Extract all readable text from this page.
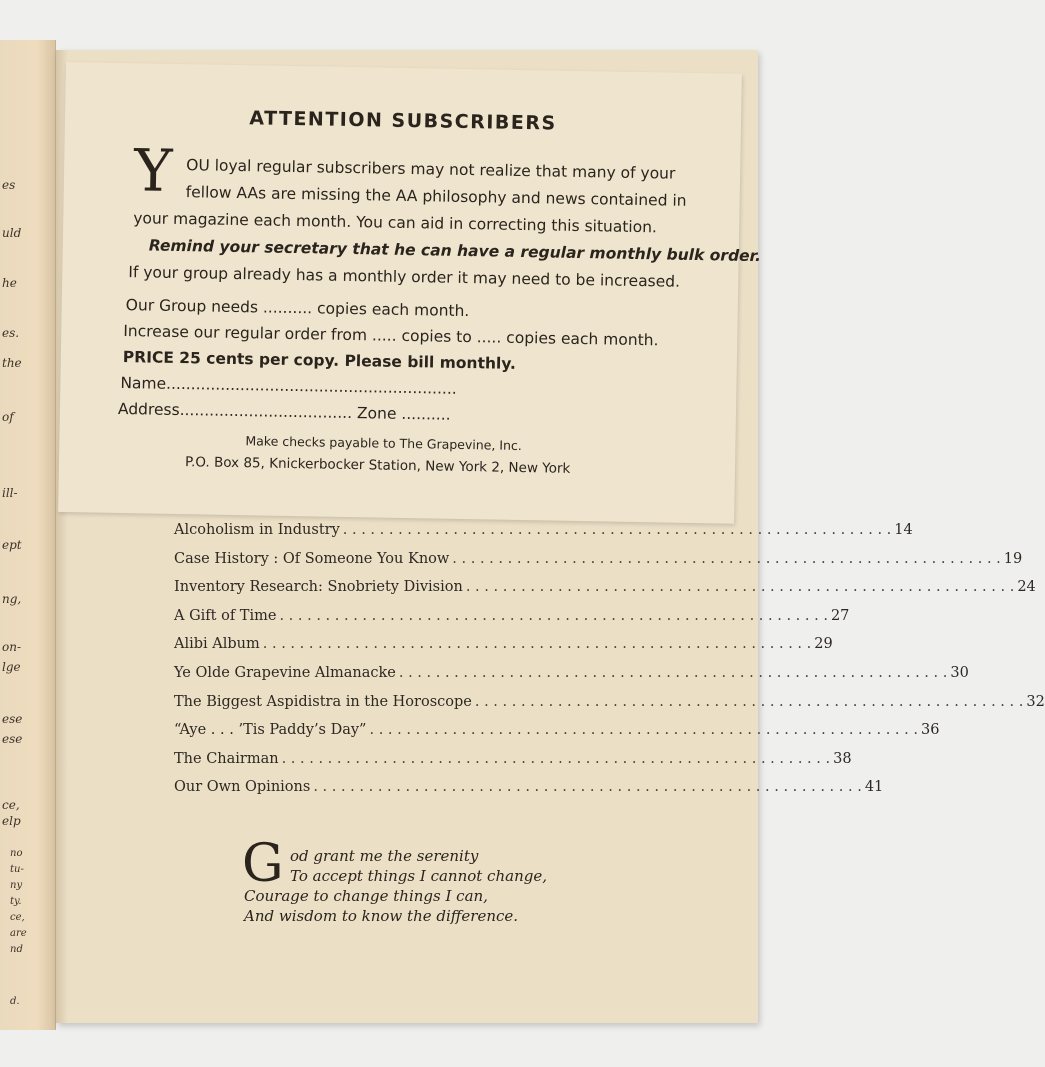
es
uld
he
es.
the
of
ill-
ept
ng,
on-
lge
ese
ese
ce,
elp
no
tu-
ny
ty.
ce,
are
nd
d.
Alcoholism in Industry . . . . . . . . . . . . . . . . . . . . . . . . . . . . . . . . . . . . . . . . . . . . . . . . . . . . . . . . . . . . 14
Case History : Of Someone You Know . . . . . . . . . . . . . . . . . . . . . . . . . . . . . . . . . . . . . . . . . . . . . . . . . . . . . . . . . . . . 19
Inventory Research: Snobriety Division . . . . . . . . . . . . . . . . . . . . . . . . . . . . . . . . . . . . . . . . . . . . . . . . . . . . . . . . . . . . 24
A Gift of Time . . . . . . . . . . . . . . . . . . . . . . . . . . . . . . . . . . . . . . . . . . . . . . . . . . . . . . . . . . . . 27
Alibi Album . . . . . . . . . . . . . . . . . . . . . . . . . . . . . . . . . . . . . . . . . . . . . . . . . . . . . . . . . . . . 29
Ye Olde Grapevine Almanacke . . . . . . . . . . . . . . . . . . . . . . . . . . . . . . . . . . . . . . . . . . . . . . . . . . . . . . . . . . . . 30
The Biggest Aspidistra in the Horoscope . . . . . . . . . . . . . . . . . . . . . . . . . . . . . . . . . . . . . . . . . . . . . . . . . . . . . . . . . . . . 32
“Aye . . . ’Tis Paddy’s Day” . . . . . . . . . . . . . . . . . . . . . . . . . . . . . . . . . . . . . . . . . . . . . . . . . . . . . . . . . . . . 36
The Chairman . . . . . . . . . . . . . . . . . . . . . . . . . . . . . . . . . . . . . . . . . . . . . . . . . . . . . . . . . . . . 38
Our Own Opinions . . . . . . . . . . . . . . . . . . . . . . . . . . . . . . . . . . . . . . . . . . . . . . . . . . . . . . . . . . . . 41
ATTENTION SUBSCRIBERS
Y OU loyal regular subscribers may not realize that many of your
fellow AAs are missing the AA philosophy and news contained in
your magazine each month. You can aid in correcting this situation.
Remind your secretary that he can have a regular monthly bulk order.
If your group already has a monthly order it may need to be increased.
Our Group needs .......... copies each month.
Increase our regular order from ..... copies to ..... copies each month.
PRICE 25 cents per copy. Please bill monthly.
Name...........................................................
Address................................... Zone ..........
Make checks payable to The Grapevine, Inc.
P.O. Box 85, Knickerbocker Station, New York 2, New York
G od grant me the serenity
To accept things I cannot change,
Courage to change things I can,
And wisdom to know the difference.
